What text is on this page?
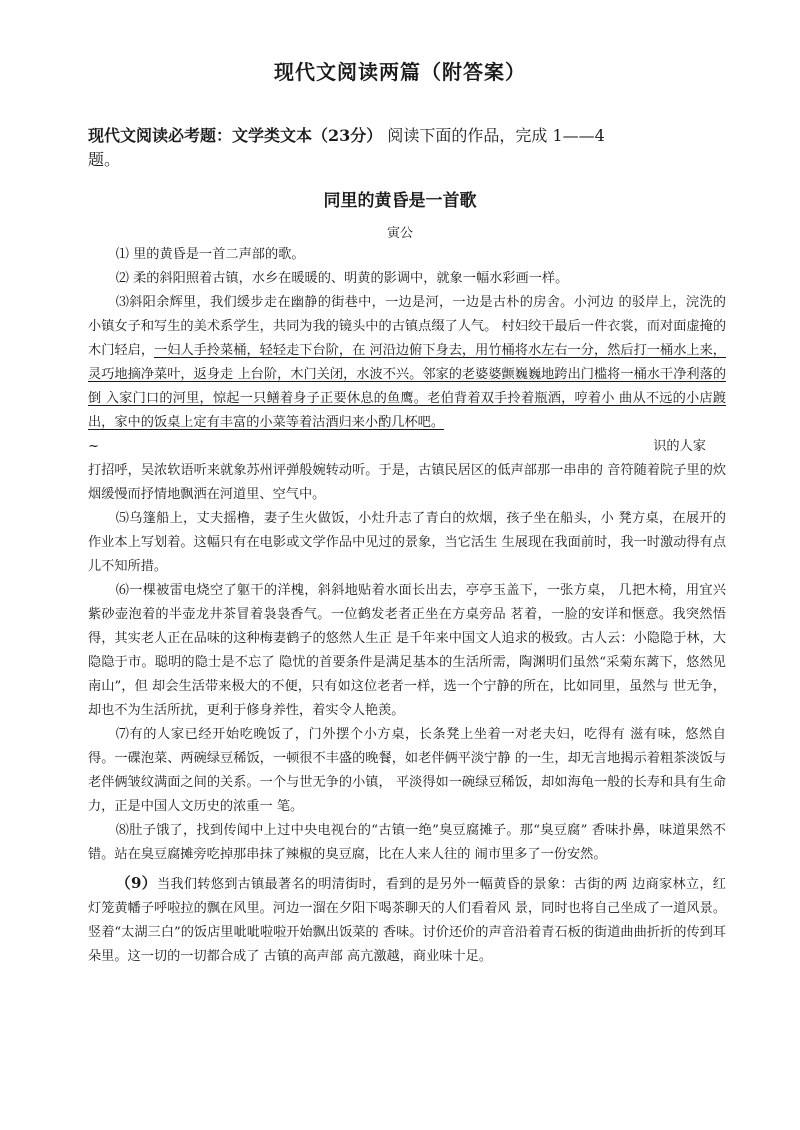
现代文阅读两篇（附答案）
现代文阅读必考题：文学类文本（23分） 阅读下面的作品，完成 1——4
题。
同里的黄昏是一首歌
寅公

⑴ 里的黄昏是一首二声部的歌。

⑵ 柔的斜阳照着古镇，水乡在暖暖的、明黄的影调中，就象一幅水彩画一样。

⑶斜阳余辉里，我们缓步走在幽静的街巷中，一边是河，一边是古朴的房舍。小河边 的驳岸上，浣洗的小镇女子和写生的美术系学生，共同为我的镜头中的古镇点缀了人气。 村妇绞干最后一件衣裳，而对面虚掩的木门轻启，一妇人手拎菜桶，轻轻走下台阶，在 河沿边俯下身去，用竹桶将水左右一分，然后打一桶水上来，灵巧地摘净菜叶，返身走 上台阶，木门关闭，水波不兴。邻家的老婆婆颤巍巍地跨出门槛将一桶水干净利落的倒 入家门口的河里，惊起一只鳝着身子正要休息的鱼鹰。老伯背着双手拎着瓶酒，哼着小 曲从不远的小店踱出，家中的饭桌上定有丰富的小菜等着沽酒归来小酌几杯吧。

~	识的人家

打招呼，吴浓软语听来就象苏州评弹般婉转动听。于是，古镇民居区的低声部那一串串的 音符随着院子里的炊烟缓慢而抒情地飘洒在河道里、空气中。

⑸乌篷船上，丈夫摇橹，妻子生火做饭，小灶升志了青白的炊烟，孩子坐在船头，小 凳方桌，在展开的作业本上写划着。这幅只有在电影或文学作品中见过的景象，当它活生 生展现在我面前时，我一时激动得有点儿不知所措。

⑹一棵被雷电烧空了躯干的洋槐，斜斜地贴着水面长出去，亭亭玉盖下，一张方桌， 几把木椅，用宜兴紫砂壶泡着的半壶龙井茶冒着袅袅香气。一位鹤发老者正坐在方桌旁品 茗着，一脸的安详和惬意。我突然悟得，其实老人正在品味的这种梅妻鹤子的悠然人生正 是千年来中国文人追求的极致。古人云：小隐隐于林，大隐隐于市。聪明的隐士是不忘了 隐忧的首要条件是满足基本的生活所需，陶渊明们虽然“采菊东蓠下，悠然见南山”，但 却会生活带来极大的不便，只有如这位老者一样，选一个宁静的所在，比如同里，虽然与 世无争，却也不为生活所扰，更利于修身养性，着实令人艳羡。

⑺有的人家已经开始吃晚饭了，门外摆个小方桌，长条凳上坐着一对老夫妇，吃得有 滋有味，悠然自得。一碟泡菜、两碗绿豆稀饭，一顿很不丰盛的晚餐，如老伴俩平淡宁静 的一生，却无言地揭示着粗茶淡饭与老伴俩皱纹满面之间的关系。一个与世无争的小镇， 平淡得如一碗绿豆稀饭，却如海龟一般的长寿和具有生命力，正是中国人文历史的浓重一 笔。

⑻肚子饿了，找到传闻中上过中央电视台的“古镇一绝”臭豆腐摊子。那“臭豆腐” 香味扑鼻，味道果然不错。站在臭豆腐摊旁吃掉那串抹了辣椒的臭豆腐，比在人来人往的 闹市里多了一份安然。

（9）当我们转悠到古镇最著名的明清街时，看到的是另外一幅黄昏的景象：古街的两 边商家林立，红灯笼黄幡子呼啦拉的飘在风里。河边一溜在夕阳下喝茶聊天的人们看着风 景，同时也将自己坐成了一道风景。竖着“太湖三白”的饭店里呲呲啦啦开始飘出饭菜的 香味。讨价还价的声音沿着青石板的街道曲曲折折的传到耳朵里。这一切的一切都合成了 古镇的高声部 高亢激越，商业味十足。
